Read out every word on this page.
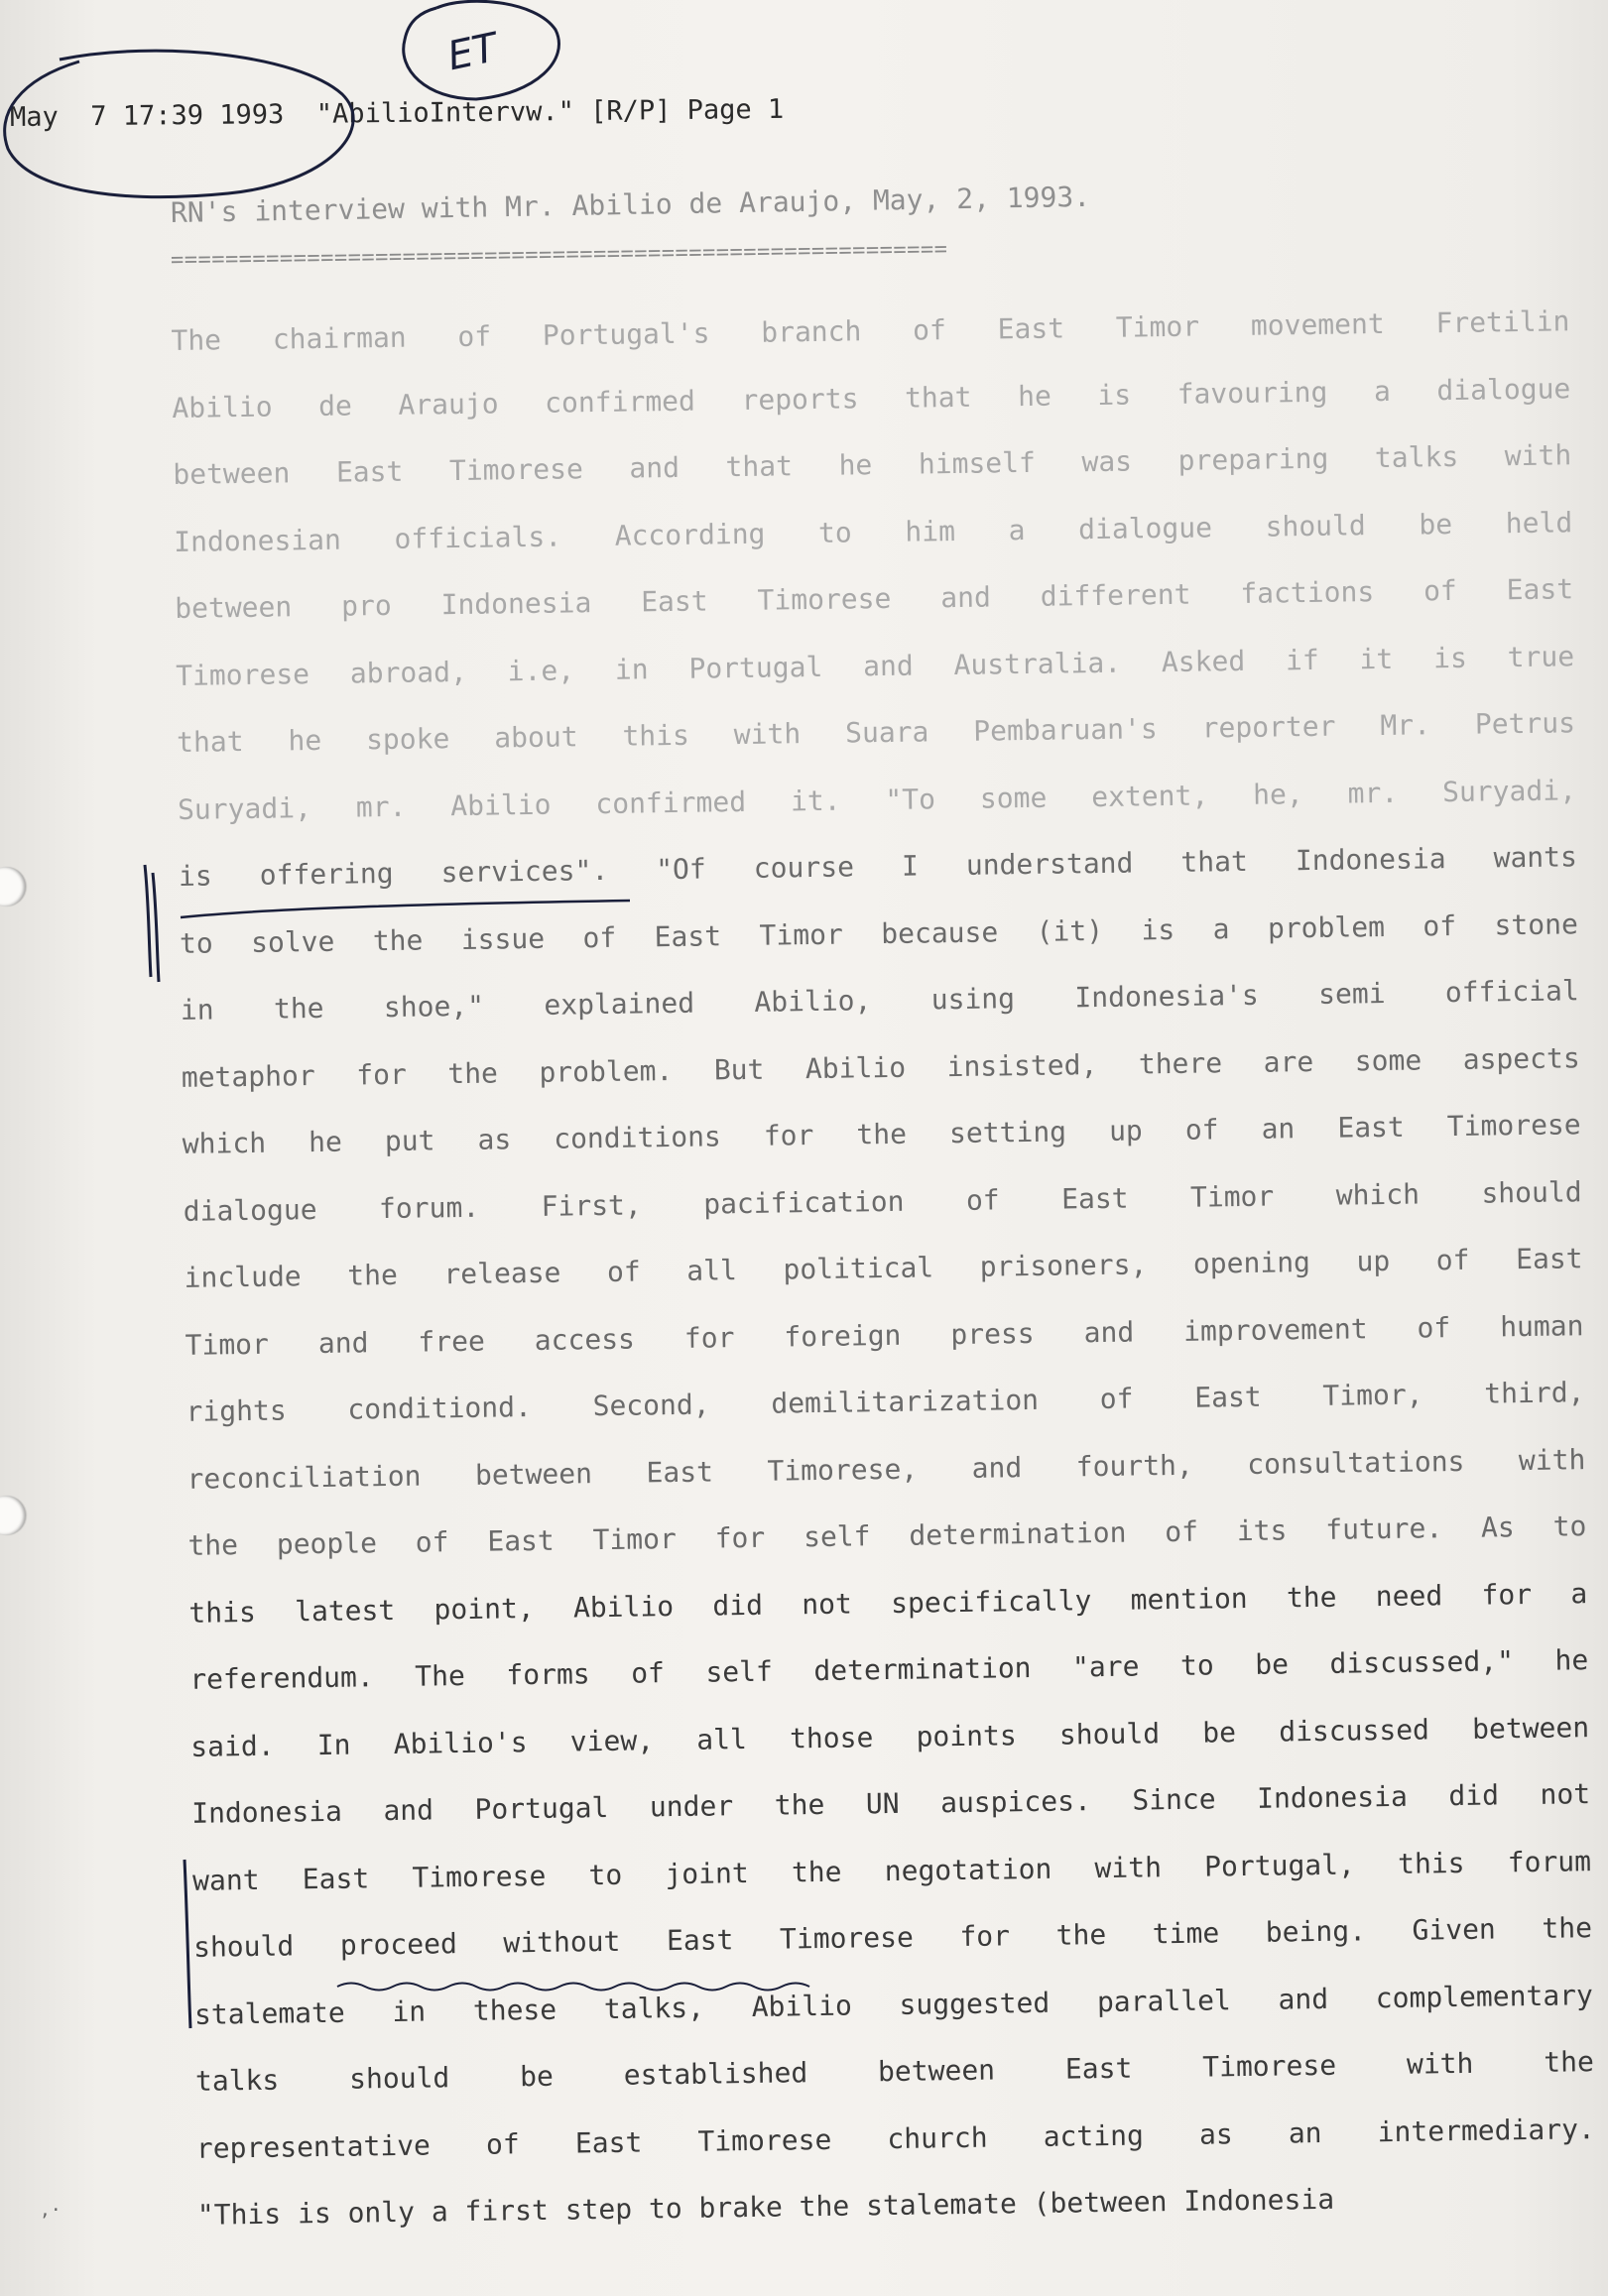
May  7 17:39 1993  "AbilioIntervw." [R/P] Page 1
RN's interview with Mr. Abilio de Araujo, May, 2, 1993.
=========================================================
The chairman of Portugal's branch of East Timor movement Fretilin
Abilio de Araujo confirmed reports that he is favouring a dialogue
between East Timorese and that he himself was preparing talks with
Indonesian officials. According to him a dialogue should be held
between pro Indonesia East Timorese and different factions of East
Timorese abroad, i.e, in Portugal and Australia. Asked if it is true
that he spoke about this with Suara Pembaruan's reporter Mr. Petrus
Suryadi, mr. Abilio confirmed it. "To some extent, he, mr. Suryadi,
is offering services". "Of course I understand that Indonesia wants
to solve the issue of East Timor because (it) is a problem of stone
in the shoe," explained Abilio, using Indonesia's semi official
metaphor for the problem. But Abilio insisted, there are some aspects
which he put as conditions for the setting up of an East Timorese
dialogue forum. First, pacification of East Timor which should
include the release of all political prisoners, opening up of East
Timor and free access for foreign press and improvement of human
rights conditiond. Second, demilitarization of East Timor, third,
reconciliation between East Timorese, and fourth, consultations with
the people of East Timor for self determination of its future. As to
this latest point, Abilio did not specifically mention the need for a
referendum. The forms of self determination "are to be discussed," he
said. In Abilio's view, all those points should be discussed between
Indonesia and Portugal under the UN auspices. Since Indonesia did not
want East Timorese to joint the negotation with Portugal, this forum
should proceed without East Timorese for the time being. Given the
stalemate in these talks, Abilio suggested parallel and complementary
talks should be established between East Timorese with the
representative of East Timorese church acting as an intermediary.
"This is only a first step to brake the stalemate (between Indonesia
ET
,·
